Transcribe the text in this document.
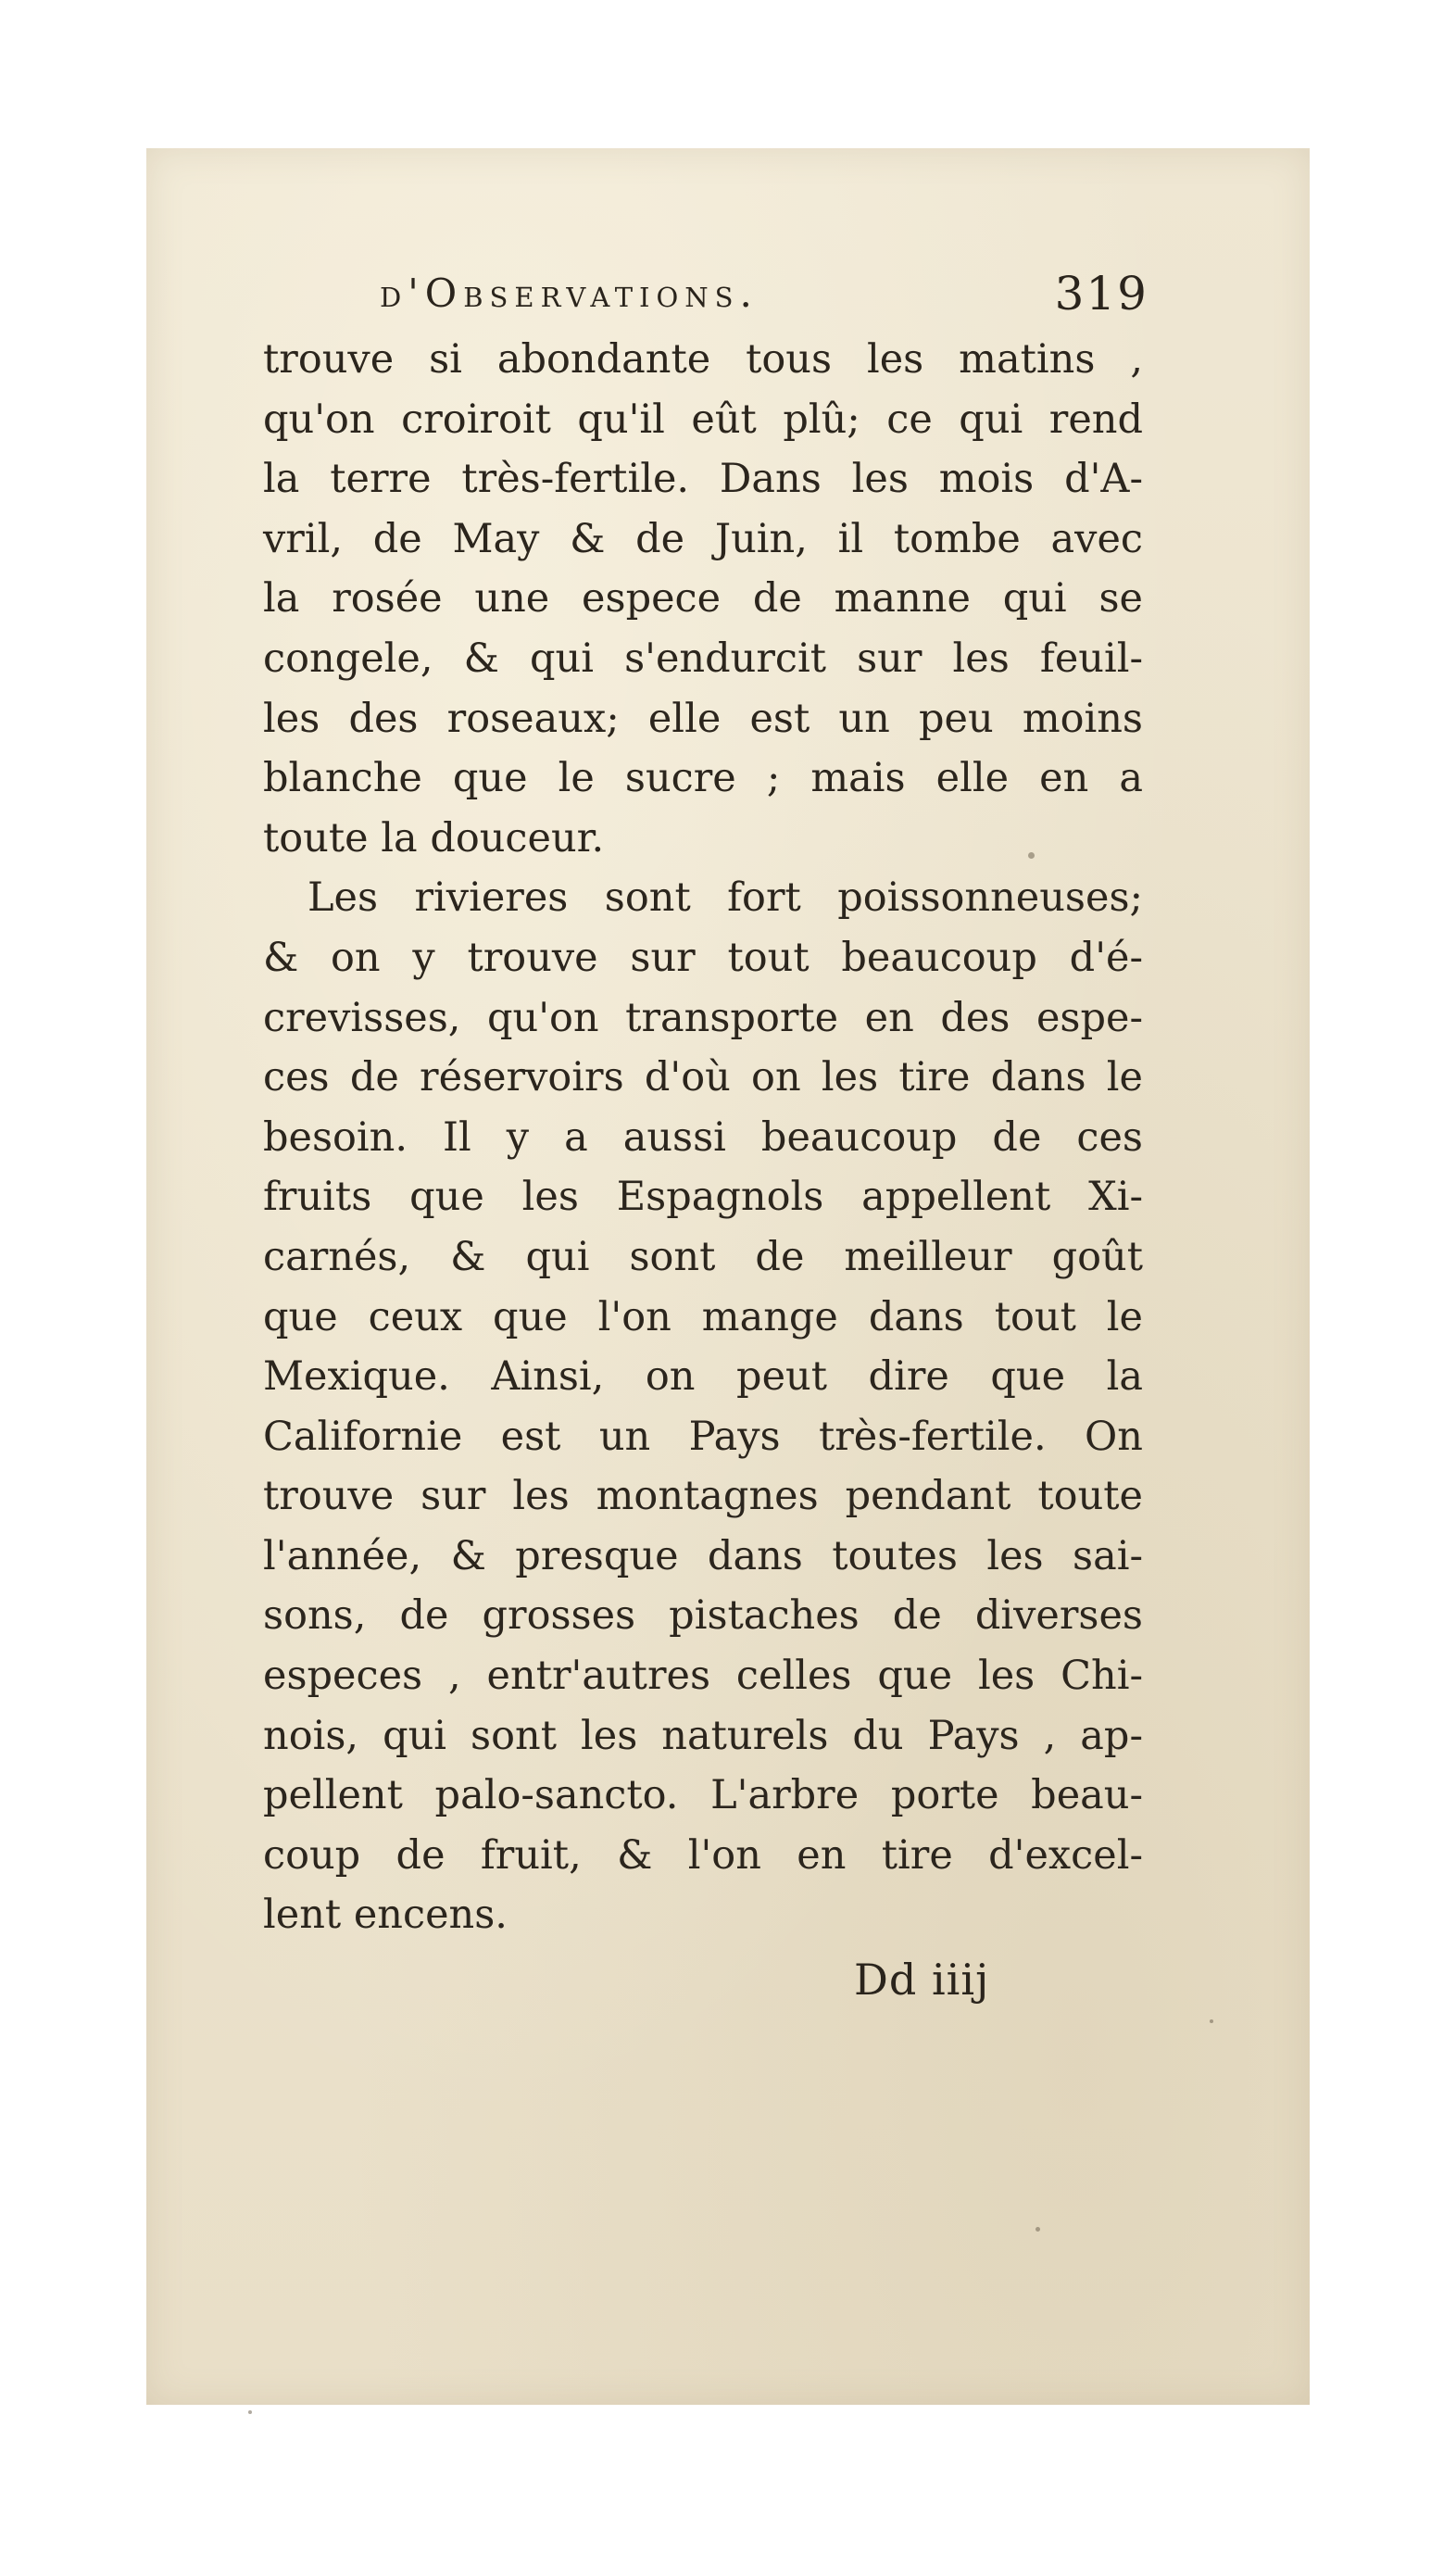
d'Observations.	319
trouve si abondante tous les matins ,
qu'on croiroit qu'il eût plû; ce qui rend
la terre très-fertile. Dans les mois d'A-
vril, de May & de Juin, il tombe avec
la rosée une espece de manne qui se
congele, & qui s'endurcit sur les feuil-
les des roseaux; elle est un peu moins
blanche que le sucre ; mais elle en a
toute la douceur.
Les rivieres sont fort poissonneuses;
& on y trouve sur tout beaucoup d'é-
crevisses, qu'on transporte en des espe-
ces de réservoirs d'où on les tire dans le
besoin. Il y a aussi beaucoup de ces
fruits que les Espagnols appellent Xi-
carnés, & qui sont de meilleur goût
que ceux que l'on mange dans tout le
Mexique. Ainsi, on peut dire que la
Californie est un Pays très-fertile. On
trouve sur les montagnes pendant toute
l'année, & presque dans toutes les sai-
sons, de grosses pistaches de diverses
especes , entr'autres celles que les Chi-
nois, qui sont les naturels du Pays , ap-
pellent palo-sancto. L'arbre porte beau-
coup de fruit, & l'on en tire d'excel-
lent encens.
Dd iiij
